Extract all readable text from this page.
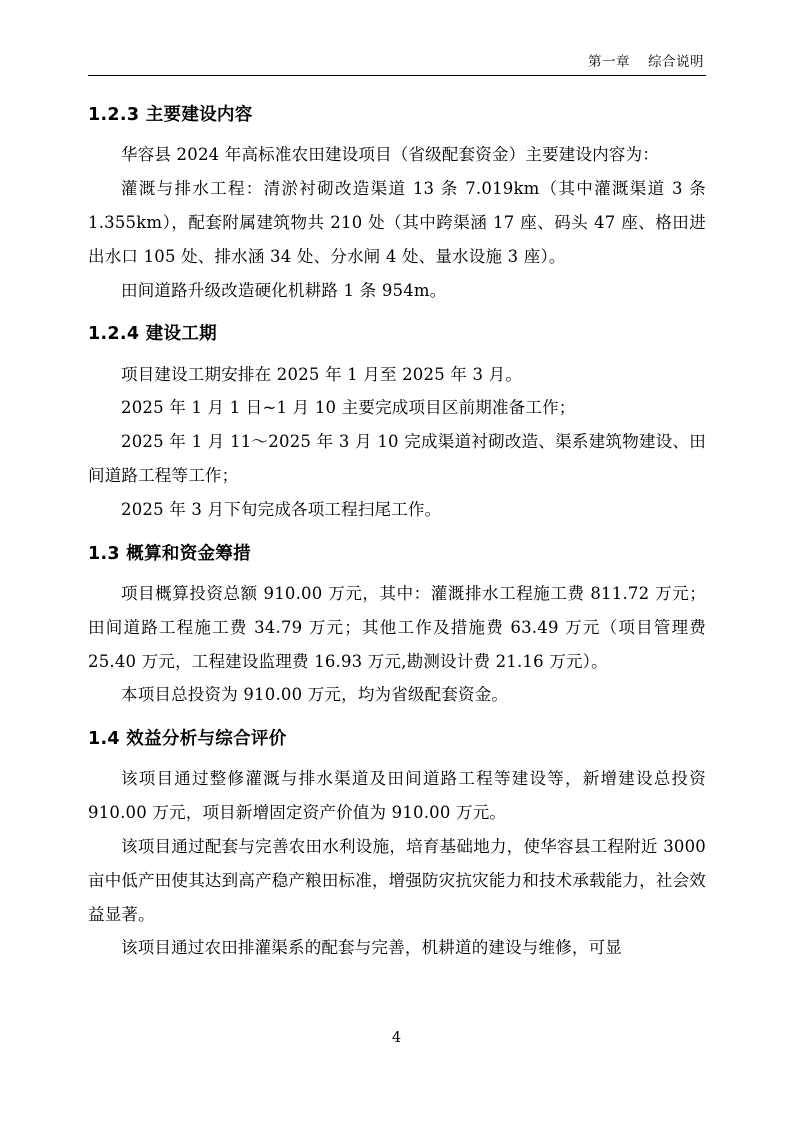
第一章 综合说明
1.2.3 主要建设内容

华容县 2024 年高标准农田建设项目（省级配套资金）主要建设内容为：

灌溉与排水工程：清淤衬砌改造渠道 13 条 7.019km（其中灌溉渠道 3 条 1.355km），配套附属建筑物共 210 处（其中跨渠涵 17 座、码头 47 座、格田进出水口 105 处、排水涵 34 处、分水闸 4 处、量水设施 3 座）。

田间道路升级改造硬化机耕路 1 条 954m。

1.2.4 建设工期

项目建设工期安排在 2025 年 1 月至 2025 年 3 月。

2025 年 1 月 1 日~1 月 10 主要完成项目区前期准备工作；

2025 年 1 月 11～2025 年 3 月 10 完成渠道衬砌改造、渠系建筑物建设、田间道路工程等工作；

2025 年 3 月下旬完成各项工程扫尾工作。

1.3 概算和资金筹措

项目概算投资总额 910.00 万元，其中：灌溉排水工程施工费 811.72 万元；田间道路工程施工费 34.79 万元；其他工作及措施费 63.49 万元（项目管理费 25.40 万元，工程建设监理费 16.93 万元,勘测设计费 21.16 万元）。

本项目总投资为 910.00 万元，均为省级配套资金。

1.4 效益分析与综合评价

该项目通过整修灌溉与排水渠道及田间道路工程等建设等，新增建设总投资 910.00 万元，项目新增固定资产价值为 910.00 万元。

该项目通过配套与完善农田水利设施，培育基础地力，使华容县工程附近 3000 亩中低产田使其达到高产稳产粮田标准，增强防灾抗灾能力和技术承载能力，社会效益显著。

该项目通过农田排灌渠系的配套与完善，机耕道的建设与维修，可显

4
